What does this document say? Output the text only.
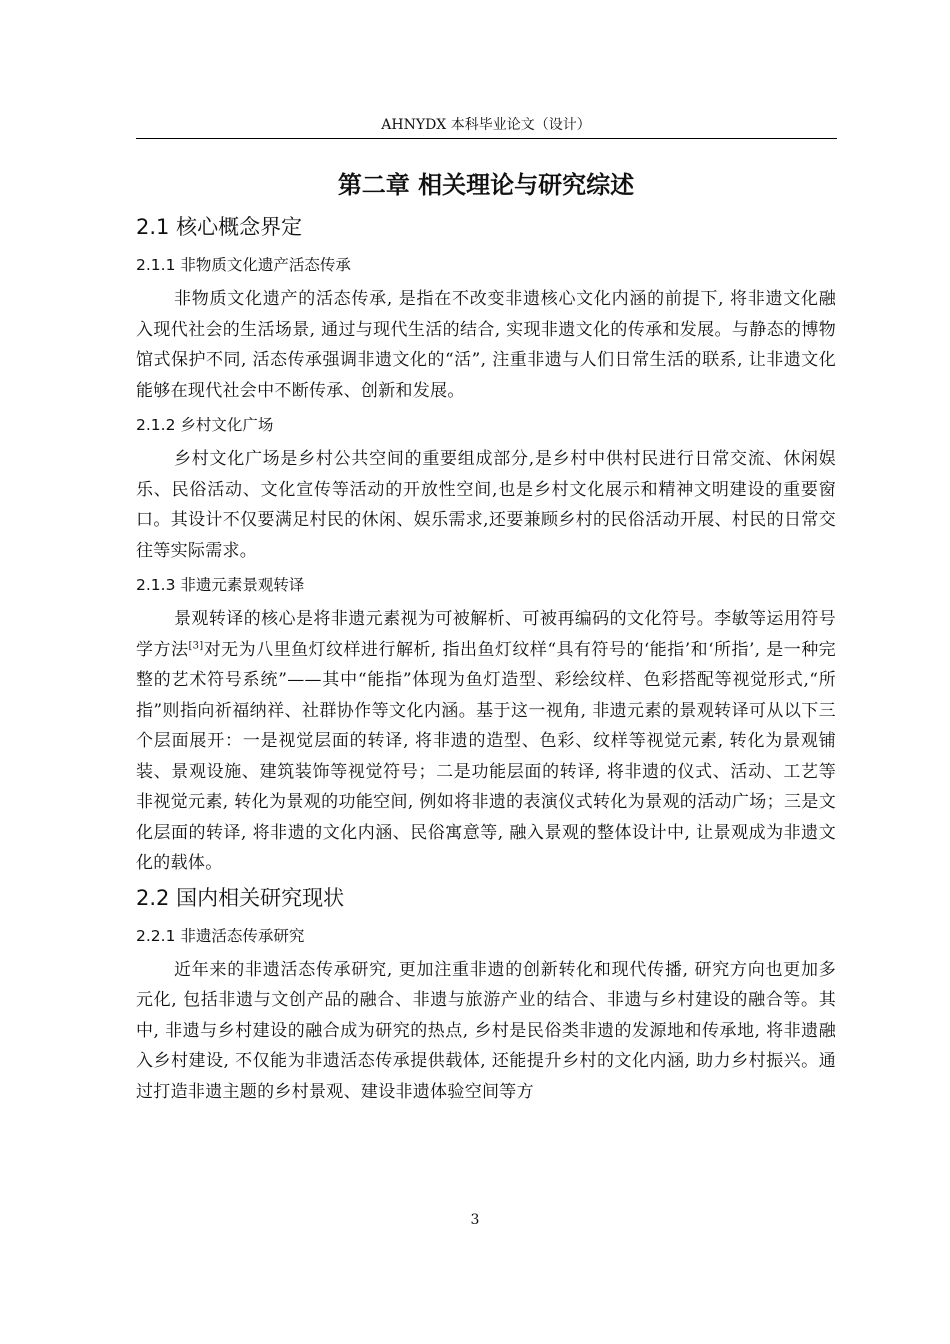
AHNYDX 本科毕业论文（设计）
第二章 相关理论与研究综述
2.1 核心概念界定
2.1.1 非物质文化遗产活态传承

非物质文化遗产的活态传承, 是指在不改变非遗核心文化内涵的前提下, 将非遗文化融入现代社会的生活场景, 通过与现代生活的结合, 实现非遗文化的传承和发展。与静态的博物馆式保护不同, 活态传承强调非遗文化的“活”, 注重非遗与人们日常生活的联系, 让非遗文化能够在现代社会中不断传承、创新和发展。

2.1.2 乡村文化广场

乡村文化广场是乡村公共空间的重要组成部分,是乡村中供村民进行日常交流、休闲娱乐、民俗活动、文化宣传等活动的开放性空间,也是乡村文化展示和精神文明建设的重要窗口。其设计不仅要满足村民的休闲、娱乐需求,还要兼顾乡村的民俗活动开展、村民的日常交往等实际需求。

2.1.3 非遗元素景观转译

景观转译的核心是将非遗元素视为可被解析、可被再编码的文化符号。李敏等运用符号学方法[3]对无为八里鱼灯纹样进行解析, 指出鱼灯纹样“具有符号的‘能指’和‘所指’, 是一种完整的艺术符号系统”——其中“能指”体现为鱼灯造型、彩绘纹样、色彩搭配等视觉形式,“所指”则指向祈福纳祥、社群协作等文化内涵。基于这一视角, 非遗元素的景观转译可从以下三个层面展开：一是视觉层面的转译, 将非遗的造型、色彩、纹样等视觉元素, 转化为景观铺装、景观设施、建筑装饰等视觉符号；二是功能层面的转译, 将非遗的仪式、活动、工艺等非视觉元素, 转化为景观的功能空间, 例如将非遗的表演仪式转化为景观的活动广场；三是文化层面的转译, 将非遗的文化内涵、民俗寓意等, 融入景观的整体设计中, 让景观成为非遗文化的载体。

2.2 国内相关研究现状
2.2.1 非遗活态传承研究

近年来的非遗活态传承研究, 更加注重非遗的创新转化和现代传播, 研究方向也更加多元化, 包括非遗与文创产品的融合、非遗与旅游产业的结合、非遗与乡村建设的融合等。其中, 非遗与乡村建设的融合成为研究的热点, 乡村是民俗类非遗的发源地和传承地, 将非遗融入乡村建设, 不仅能为非遗活态传承提供载体, 还能提升乡村的文化内涵, 助力乡村振兴。通过打造非遗主题的乡村景观、建设非遗体验空间等方

3
